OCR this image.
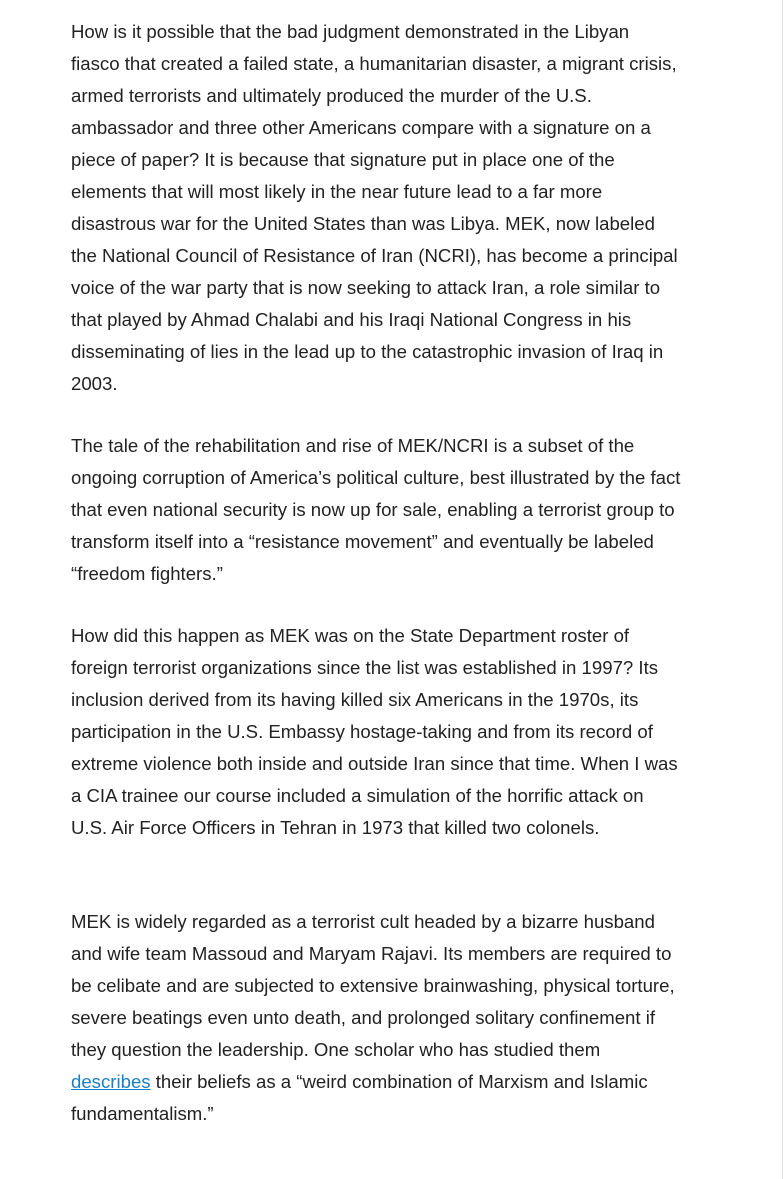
How is it possible that the bad judgment demonstrated in the Libyan fiasco that created a failed state, a humanitarian disaster, a migrant crisis, armed terrorists and ultimately produced the murder of the U.S. ambassador and three other Americans compare with a signature on a piece of paper? It is because that signature put in place one of the elements that will most likely in the near future lead to a far more disastrous war for the United States than was Libya. MEK, now labeled the National Council of Resistance of Iran (NCRI), has become a principal voice of the war party that is now seeking to attack Iran, a role similar to that played by Ahmad Chalabi and his Iraqi National Congress in his disseminating of lies in the lead up to the catastrophic invasion of Iraq in 2003.

The tale of the rehabilitation and rise of MEK/NCRI is a subset of the ongoing corruption of America’s political culture, best illustrated by the fact that even national security is now up for sale, enabling a terrorist group to transform itself into a “resistance movement” and eventually be labeled “freedom fighters.”

How did this happen as MEK was on the State Department roster of foreign terrorist organizations since the list was established in 1997? Its inclusion derived from its having killed six Americans in the 1970s, its participation in the U.S. Embassy hostage-taking and from its record of extreme violence both inside and outside Iran since that time. When I was a CIA trainee our course included a simulation of the horrific attack on U.S. Air Force Officers in Tehran in 1973 that killed two colonels.

MEK is widely regarded as a terrorist cult headed by a bizarre husband and wife team Massoud and Maryam Rajavi. Its members are required to be celibate and are subjected to extensive brainwashing, physical torture, severe beatings even unto death, and prolonged solitary confinement if they question the leadership. One scholar who has studied them describes their beliefs as a “weird combination of Marxism and Islamic fundamentalism.”
